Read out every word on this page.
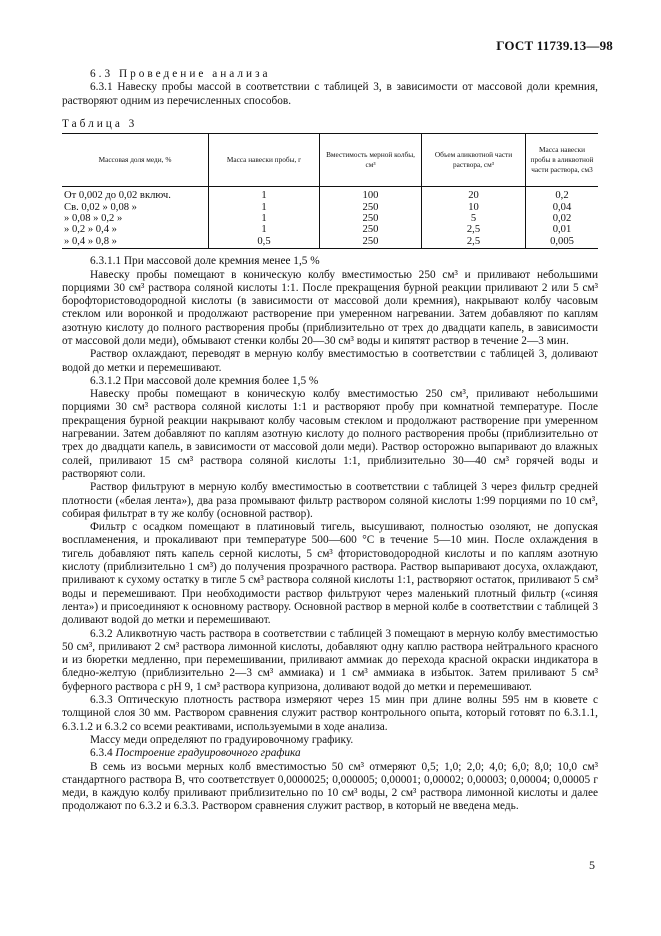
ГОСТ 11739.13—98

6.3 Проведение анализа

6.3.1 Навеску пробы массой в соответствии с таблицей 3, в зависимости от массовой доли кремния, растворяют одним из перечисленных способов.

Таблица 3

Массовая доля меди, %	Масса навески пробы, г	Вместимость мерной колбы, см³	Объем аликвотной части раствора, см³	Масса навески пробы в аликвотной части раствора, см3
От 0,002 до 0,02 включ.	1	100	20	0,2
Св. 0,02 » 0,08 »	1	250	10	0,04
» 0,08 » 0,2 »	1	250	5	0,02
» 0,2 » 0,4 »	1	250	2,5	0,01
» 0,4 » 0,8 »	0,5	250	2,5	0,005

6.3.1.1 При массовой доле кремния менее 1,5 %

Навеску пробы помещают в коническую колбу вместимостью 250 см³ и приливают небольшими порциями 30 см³ раствора соляной кислоты 1:1. После прекращения бурной реакции приливают 2 или 5 см³ борофтористоводородной кислоты (в зависимости от массовой доли кремния), накрывают колбу часовым стеклом или воронкой и продолжают растворение при умеренном нагревании. Затем добавляют по каплям азотную кислоту до полного растворения пробы (приблизительно от трех до двадцати капель, в зависимости от массовой доли меди), обмывают стенки колбы 20—30 см³ воды и кипятят раствор в течение 2—3 мин.

Раствор охлаждают, переводят в мерную колбу вместимостью в соответствии с таблицей 3, доливают водой до метки и перемешивают.

6.3.1.2 При массовой доле кремния более 1,5 %

Навеску пробы помещают в коническую колбу вместимостью 250 см³, приливают небольшими порциями 30 см³ раствора соляной кислоты 1:1 и растворяют пробу при комнатной температуре. После прекращения бурной реакции накрывают колбу часовым стеклом и продолжают растворение при умеренном нагревании. Затем добавляют по каплям азотную кислоту до полного растворения пробы (приблизительно от трех до двадцати капель, в зависимости от массовой доли меди). Раствор осторожно выпаривают до влажных солей, приливают 15 см³ раствора соляной кислоты 1:1, приблизительно 30—40 см³ горячей воды и растворяют соли.

Раствор фильтруют в мерную колбу вместимостью в соответствии с таблицей 3 через фильтр средней плотности («белая лента»), два раза промывают фильтр раствором соляной кислоты 1:99 порциями по 10 см³, собирая фильтрат в ту же колбу (основной раствор).

Фильтр с осадком помещают в платиновый тигель, высушивают, полностью озоляют, не допуская воспламенения, и прокаливают при температуре 500—600 °С в течение 5—10 мин. После охлаждения в тигель добавляют пять капель серной кислоты, 5 см³ фтористоводородной кислоты и по каплям азотную кислоту (приблизительно 1 см³) до получения прозрачного раствора. Раствор выпаривают досуха, охлаждают, приливают к сухому остатку в тигле 5 см³ раствора соляной кислоты 1:1, растворяют остаток, приливают 5 см³ воды и перемешивают. При необходимости раствор фильтруют через маленький плотный фильтр («синяя лента») и присоединяют к основному раствору. Основной раствор в мерной колбе в соответствии с таблицей 3 доливают водой до метки и перемешивают.

6.3.2 Аликвотную часть раствора в соответствии с таблицей 3 помещают в мерную колбу вместимостью 50 см³, приливают 2 см³ раствора лимонной кислоты, добавляют одну каплю раствора нейтрального красного и из бюретки медленно, при перемешивании, приливают аммиак до перехода красной окраски индикатора в бледно-желтую (приблизительно 2—3 см³ аммиака) и 1 см³ аммиака в избыток. Затем приливают 5 см³ буферного раствора с рН 9, 1 см³ раствора купризона, доливают водой до метки и перемешивают.

6.3.3 Оптическую плотность раствора измеряют через 15 мин при длине волны 595 нм в кювете с толщиной слоя 30 мм. Раствором сравнения служит раствор контрольного опыта, который готовят по 6.3.1.1, 6.3.1.2 и 6.3.2 со всеми реактивами, используемыми в ходе анализа.

Массу меди определяют по градуировочному графику.

6.3.4 Построение градуировочного графика

В семь из восьми мерных колб вместимостью 50 см³ отмеряют 0,5; 1,0; 2,0; 4,0; 6,0; 8,0; 10,0 см³ стандартного раствора В, что соответствует 0,0000025; 0,000005; 0,00001; 0,00002; 0,00003; 0,00004; 0,00005 г меди, в каждую колбу приливают приблизительно по 10 см³ воды, 2 см³ раствора лимонной кислоты и далее продолжают по 6.3.2 и 6.3.3. Раствором сравнения служит раствор, в который не введена медь.

5
